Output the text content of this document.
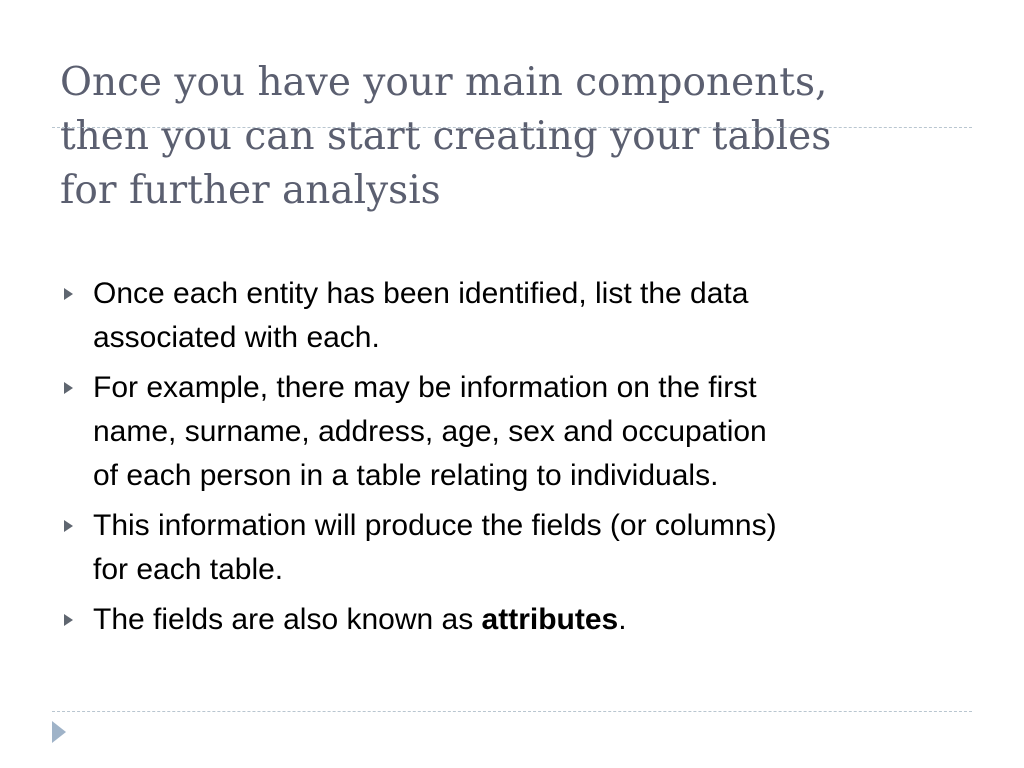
Once you have your main components,
then you can start creating your tables
for further analysis
Once each entity has been identified, list the data
associated with each.
For example, there may be information on the first
name, surname, address, age, sex and occupation
of each person in a table relating to individuals.
This information will produce the fields (or columns)
for each table.
The fields are also known as attributes.
